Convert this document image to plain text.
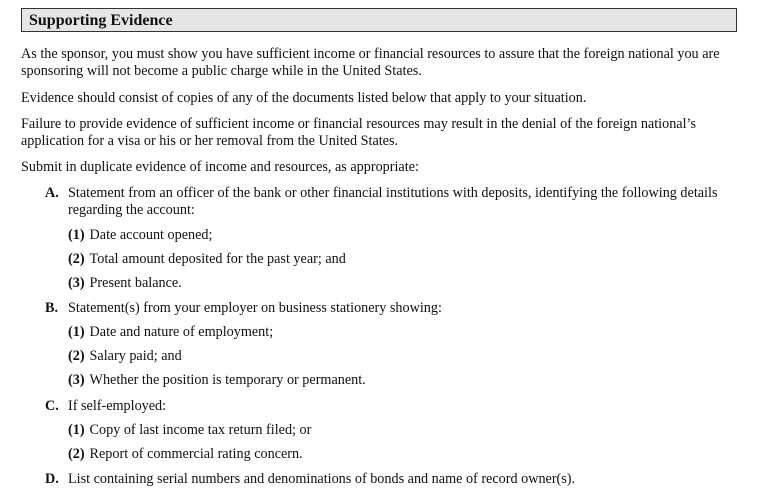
Supporting Evidence

As the sponsor, you must show you have sufficient income or financial resources to assure that the foreign national you are sponsoring will not become a public charge while in the United States.

Evidence should consist of copies of any of the documents listed below that apply to your situation.

Failure to provide evidence of sufficient income or financial resources may result in the denial of the foreign national’s application for a visa or his or her removal from the United States.

Submit in duplicate evidence of income and resources, as appropriate:

A. Statement from an officer of the bank or other financial institutions with deposits, identifying the following details regarding the account:
(1) Date account opened;
(2) Total amount deposited for the past year; and
(3) Present balance.
B. Statement(s) from your employer on business stationery showing:
(1) Date and nature of employment;
(2) Salary paid; and
(3) Whether the position is temporary or permanent.
C. If self-employed:
(1) Copy of last income tax return filed; or
(2) Report of commercial rating concern.
D. List containing serial numbers and denominations of bonds and name of record owner(s).
